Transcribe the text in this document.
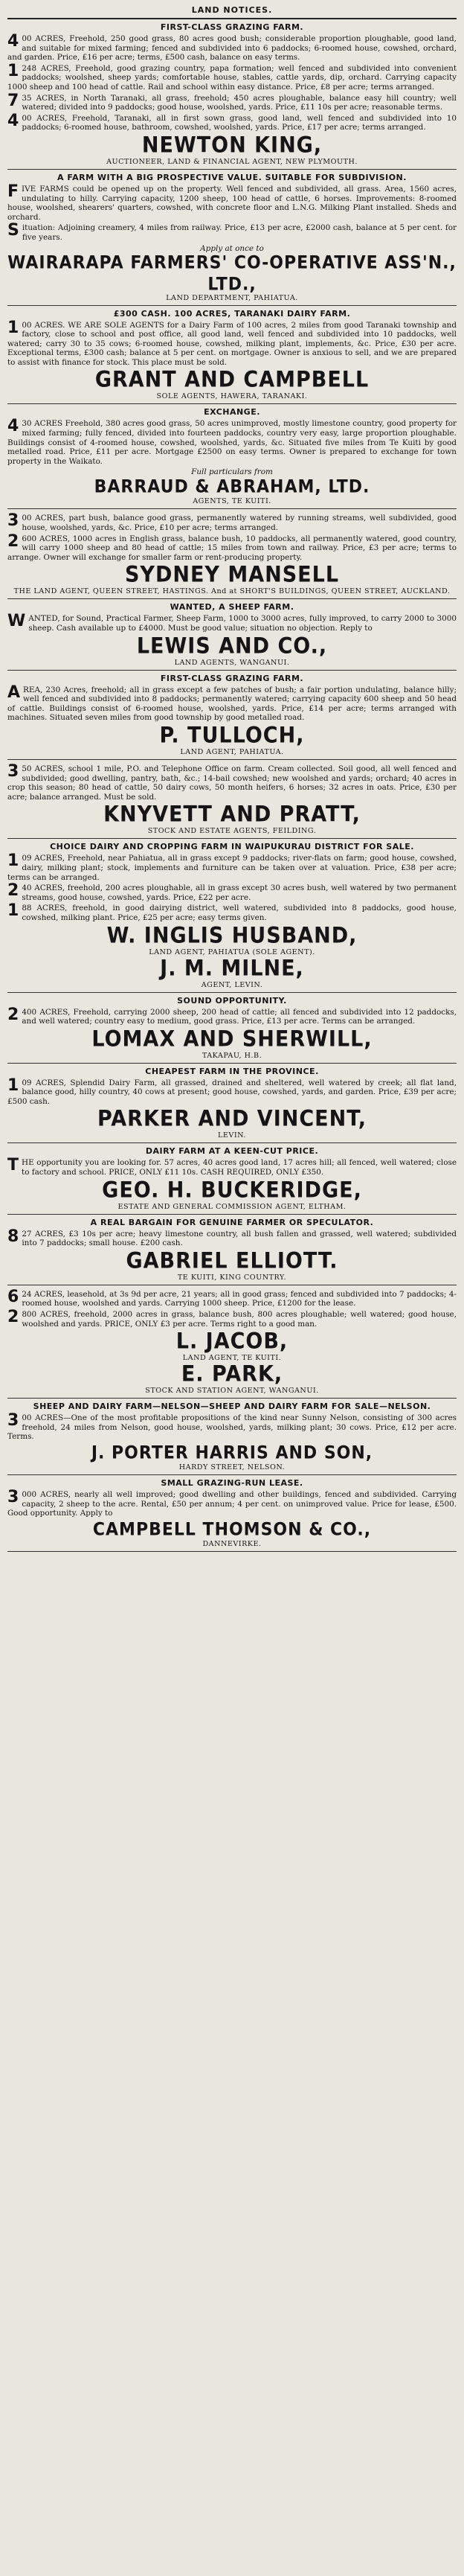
LAND NOTICES.
FIRST-CLASS GRAZING FARM.

400 ACRES, Freehold, 250 good grass, 80 acres good bush; considerable proportion ploughable, good land, and suitable for mixed farming; fenced and subdivided into 6 paddocks; 6-roomed house, cowshed, orchard, and garden. Price, £16 per acre; terms, £500 cash, balance on easy terms.

1248 ACRES, Freehold, good grazing country, papa formation; well fenced and subdivided into convenient paddocks; woolshed, sheep yards; comfortable house, stables, cattle yards, dip, orchard. Carrying capacity 1000 sheep and 100 head of cattle. Rail and school within easy distance. Price, £8 per acre; terms arranged.

735 ACRES, in North Taranaki, all grass, freehold; 450 acres ploughable, balance easy hill country; well watered; divided into 9 paddocks; good house, woolshed, yards. Price, £11 10s per acre; reasonable terms.

400 ACRES, Freehold, Taranaki, all in first sown grass, good land, well fenced and subdivided into 10 paddocks; 6-roomed house, bathroom, cowshed, woolshed, yards. Price, £17 per acre; terms arranged.

NEWTON KING,
AUCTIONEER, LAND & FINANCIAL AGENT, NEW PLYMOUTH.
A FARM WITH A BIG PROSPECTIVE VALUE. SUITABLE FOR SUBDIVISION.

FIVE FARMS could be opened up on the property. Well fenced and subdivided, all grass. Area, 1560 acres, undulating to hilly. Carrying capacity, 1200 sheep, 100 head of cattle, 6 horses. Improvements: 8-roomed house, woolshed, shearers' quarters, cowshed, with concrete floor and L.N.G. Milking Plant installed. Sheds and orchard.

Situation: Adjoining creamery, 4 miles from railway. Price, £13 per acre, £2000 cash, balance at 5 per cent. for five years.

Apply at once to
WAIRARAPA FARMERS' CO-OPERATIVE ASS'N., LTD.,
LAND DEPARTMENT, PAHIATUA.
£300 CASH. 100 ACRES, TARANAKI DAIRY FARM.

100 ACRES. WE ARE SOLE AGENTS for a Dairy Farm of 100 acres, 2 miles from good Taranaki township and factory, close to school and post office, all good land, well fenced and subdivided into 10 paddocks, well watered; carry 30 to 35 cows; 6-roomed house, cowshed, milking plant, implements, &c. Price, £30 per acre. Exceptional terms, £300 cash; balance at 5 per cent. on mortgage. Owner is anxious to sell, and we are prepared to assist with finance for stock. This place must be sold.

GRANT AND CAMPBELL
SOLE AGENTS, HAWERA, TARANAKI.
EXCHANGE.

430 ACRES Freehold, 380 acres good grass, 50 acres unimproved, mostly limestone country, good property for mixed farming; fully fenced, divided into fourteen paddocks, country very easy, large proportion ploughable. Buildings consist of 4-roomed house, cowshed, woolshed, yards, &c. Situated five miles from Te Kuiti by good metalled road. Price, £11 per acre. Mortgage £2500 on easy terms. Owner is prepared to exchange for town property in the Waikato.

Full particulars from
BARRAUD & ABRAHAM, LTD.
AGENTS, TE KUITI.

300 ACRES, part bush, balance good grass, permanently watered by running streams, well subdivided, good house, woolshed, yards, &c. Price, £10 per acre; terms arranged.

2600 ACRES, 1000 acres in English grass, balance bush, 10 paddocks, all permanently watered, good country, will carry 1000 sheep and 80 head of cattle; 15 miles from town and railway. Price, £3 per acre; terms to arrange. Owner will exchange for smaller farm or rent-producing property.

SYDNEY MANSELL
THE LAND AGENT, QUEEN STREET, HASTINGS. And at SHORT'S BUILDINGS, QUEEN STREET, AUCKLAND.
WANTED, A SHEEP FARM.

WANTED, for Sound, Practical Farmer, Sheep Farm, 1000 to 3000 acres, fully improved, to carry 2000 to 3000 sheep. Cash available up to £4000. Must be good value; situation no objection. Reply to

LEWIS AND CO.,
LAND AGENTS, WANGANUI.
FIRST-CLASS GRAZING FARM.

AREA, 230 Acres, freehold; all in grass except a few patches of bush; a fair portion undulating, balance hilly; well fenced and subdivided into 8 paddocks; permanently watered; carrying capacity 600 sheep and 50 head of cattle. Buildings consist of 6-roomed house, woolshed, yards. Price, £14 per acre; terms arranged with machines. Situated seven miles from good township by good metalled road.

P. TULLOCH,
LAND AGENT, PAHIATUA.

350 ACRES, school 1 mile, P.O. and Telephone Office on farm. Cream collected. Soil good, all well fenced and subdivided; good dwelling, pantry, bath, &c.; 14-bail cowshed; new woolshed and yards; orchard; 40 acres in crop this season; 80 head of cattle, 50 dairy cows, 50 month heifers, 6 horses; 32 acres in oats. Price, £30 per acre; balance arranged. Must be sold.

KNYVETT AND PRATT,
STOCK AND ESTATE AGENTS, FEILDING.
CHOICE DAIRY AND CROPPING FARM IN WAIPUKURAU DISTRICT FOR SALE.

109 ACRES, Freehold, near Pahiatua, all in grass except 9 paddocks; river-flats on farm; good house, cowshed, dairy, milking plant; stock, implements and furniture can be taken over at valuation. Price, £38 per acre; terms can be arranged.

240 ACRES, freehold, 200 acres ploughable, all in grass except 30 acres bush, well watered by two permanent streams, good house, cowshed, yards. Price, £22 per acre.

188 ACRES, freehold, in good dairying district, well watered, subdivided into 8 paddocks, good house, cowshed, milking plant. Price, £25 per acre; easy terms given.

W. INGLIS HUSBAND,
LAND AGENT, PAHIATUA (SOLE AGENT).
J. M. MILNE,
AGENT, LEVIN.
SOUND OPPORTUNITY.

2400 ACRES, Freehold, carrying 2000 sheep, 200 head of cattle; all fenced and subdivided into 12 paddocks, and well watered; country easy to medium, good grass. Price, £13 per acre. Terms can be arranged.

LOMAX AND SHERWILL,
TAKAPAU, H.B.
CHEAPEST FARM IN THE PROVINCE.

109 ACRES, Splendid Dairy Farm, all grassed, drained and sheltered, well watered by creek; all flat land, balance good, hilly country, 40 cows at present; good house, cowshed, yards, and garden. Price, £39 per acre; £500 cash.

PARKER AND VINCENT,
LEVIN.
DAIRY FARM AT A KEEN-CUT PRICE.

THE opportunity you are looking for. 57 acres, 40 acres good land, 17 acres hill; all fenced, well watered; close to factory and school. PRICE, ONLY £11 10s. CASH REQUIRED, ONLY £350.

GEO. H. BUCKERIDGE,
ESTATE AND GENERAL COMMISSION AGENT, ELTHAM.
A REAL BARGAIN FOR GENUINE FARMER OR SPECULATOR.

827 ACRES, £3 10s per acre; heavy limestone country, all bush fallen and grassed, well watered; subdivided into 7 paddocks; small house. £200 cash.

GABRIEL ELLIOTT.
TE KUITI, KING COUNTRY.

624 ACRES, leasehold, at 3s 9d per acre, 21 years; all in good grass; fenced and subdivided into 7 paddocks; 4-roomed house, woolshed and yards. Carrying 1000 sheep. Price, £1200 for the lease.

2800 ACRES, freehold, 2000 acres in grass, balance bush, 800 acres ploughable; well watered; good house, woolshed and yards. PRICE, ONLY £3 per acre. Terms right to a good man.

L. JACOB,
LAND AGENT, TE KUITI.
E. PARK,
STOCK AND STATION AGENT, WANGANUI.
SHEEP AND DAIRY FARM—NELSON—SHEEP AND DAIRY FARM FOR SALE—NELSON.

300 ACRES—One of the most profitable propositions of the kind near Sunny Nelson, consisting of 300 acres freehold, 24 miles from Nelson, good house, woolshed, yards, milking plant; 30 cows. Price, £12 per acre. Terms.

J. PORTER HARRIS AND SON,
HARDY STREET, NELSON.
SMALL GRAZING-RUN LEASE.

3000 ACRES, nearly all well improved; good dwelling and other buildings, fenced and subdivided. Carrying capacity, 2 sheep to the acre. Rental, £50 per annum; 4 per cent. on unimproved value. Price for lease, £500. Good opportunity. Apply to

CAMPBELL THOMSON & CO.,
DANNEVIRKE.
